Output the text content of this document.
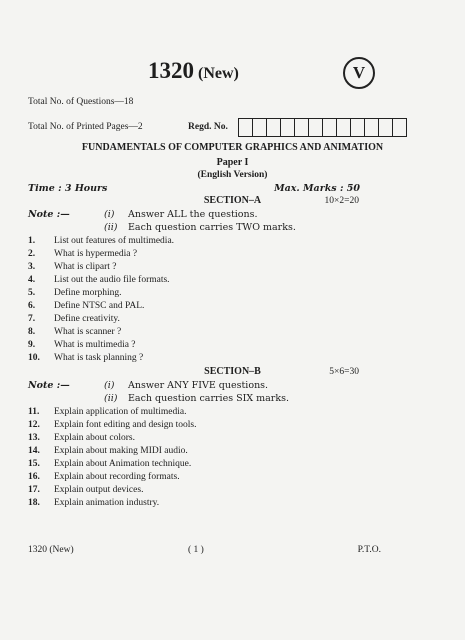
1320 (New)	V
Total No. of Questions—18
Total No. of Printed Pages—2	Regd. No.
FUNDAMENTALS OF COMPUTER GRAPHICS AND ANIMATION
Paper I
(English Version)
Time : 3 Hours	Max. Marks : 50
SECTION–A	10×2=20
Note :—	(i) Answer ALL the questions.
(ii) Each question carries TWO marks.
1. List out features of multimedia.
2. What is hypermedia ?
3. What is clipart ?
4. List out the audio file formats.
5. Define morphing.
6. Define NTSC and PAL.
7. Define creativity.
8. What is scanner ?
9. What is multimedia ?
10. What is task planning ?
SECTION–B	5×6=30
Note :—	(i) Answer ANY FIVE questions.
(ii) Each question carries SIX marks.
11. Explain application of multimedia.
12. Explain font editing and design tools.
13. Explain about colors.
14. Explain about making MIDI audio.
15. Explain about Animation technique.
16. Explain about recording formats.
17. Explain output devices.
18. Explain animation industry.
1320 (New)	( 1 )	P.T.O.
